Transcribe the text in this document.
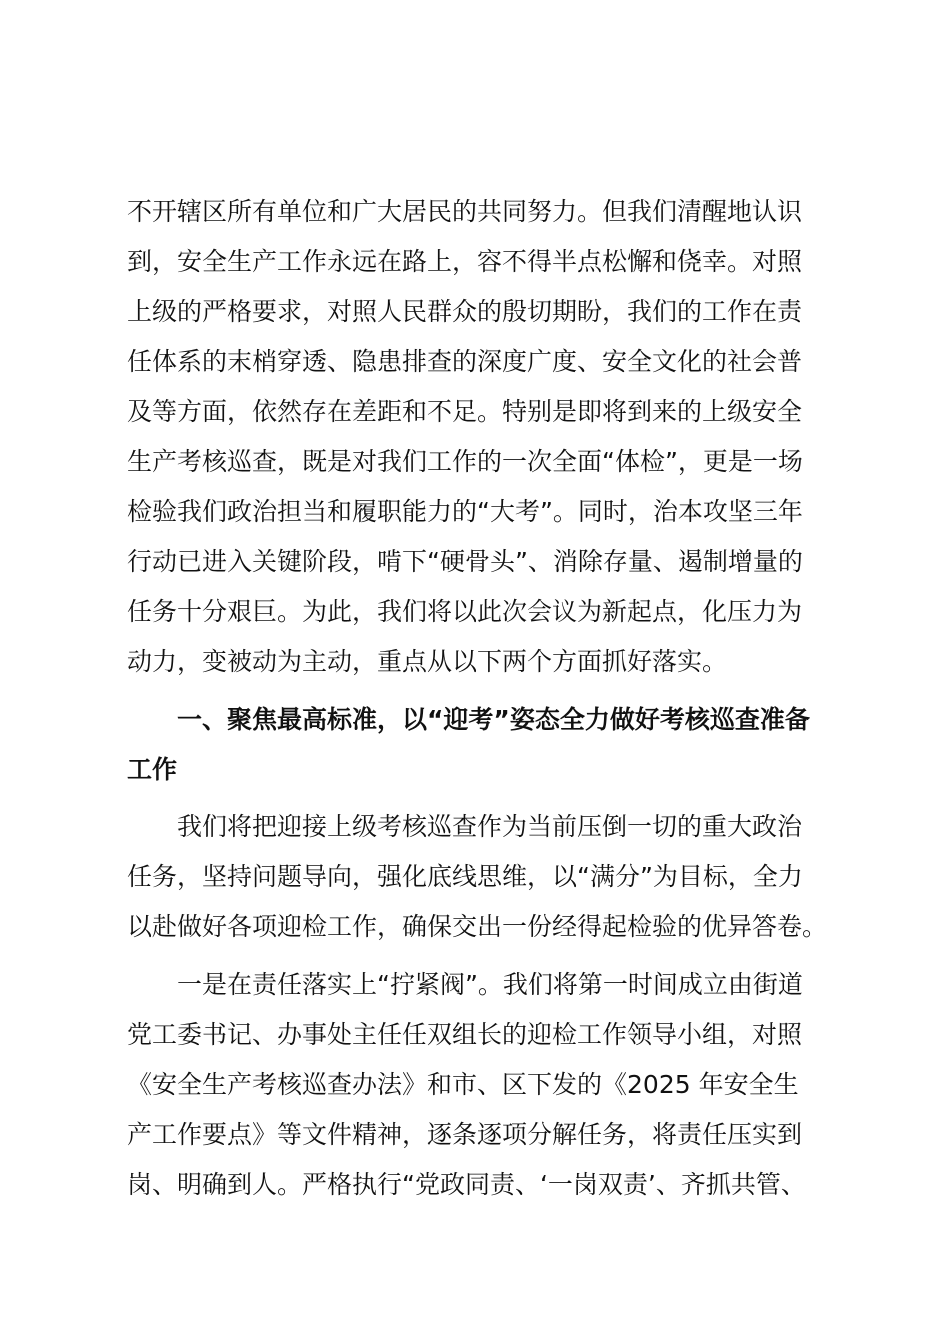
不开辖区所有单位和广大居民的共同努力。但我们清醒地认识
到，安全生产工作永远在路上，容不得半点松懈和侥幸。对照
上级的严格要求，对照人民群众的殷切期盼，我们的工作在责
任体系的末梢穿透、隐患排查的深度广度、安全文化的社会普
及等方面，依然存在差距和不足。特别是即将到来的上级安全
生产考核巡查，既是对我们工作的一次全面“体检”，更是一场
检验我们政治担当和履职能力的“大考”。同时，治本攻坚三年
行动已进入关键阶段，啃下“硬骨头”、消除存量、遏制增量的
任务十分艰巨。为此，我们将以此次会议为新起点，化压力为
动力，变被动为主动，重点从以下两个方面抓好落实。
一、聚焦最高标准，以“迎考”姿态全力做好考核巡查准备
工作
我们将把迎接上级考核巡查作为当前压倒一切的重大政治
任务，坚持问题导向，强化底线思维，以“满分”为目标，全力
以赴做好各项迎检工作，确保交出一份经得起检验的优异答卷。
一是在责任落实上“拧紧阀”。我们将第一时间成立由街道
党工委书记、办事处主任任双组长的迎检工作领导小组，对照
《安全生产考核巡查办法》和市、区下发的《2025 年安全生
产工作要点》等文件精神，逐条逐项分解任务，将责任压实到
岗、明确到人。严格执行“党政同责、‘一岗双责’、齐抓共管、
